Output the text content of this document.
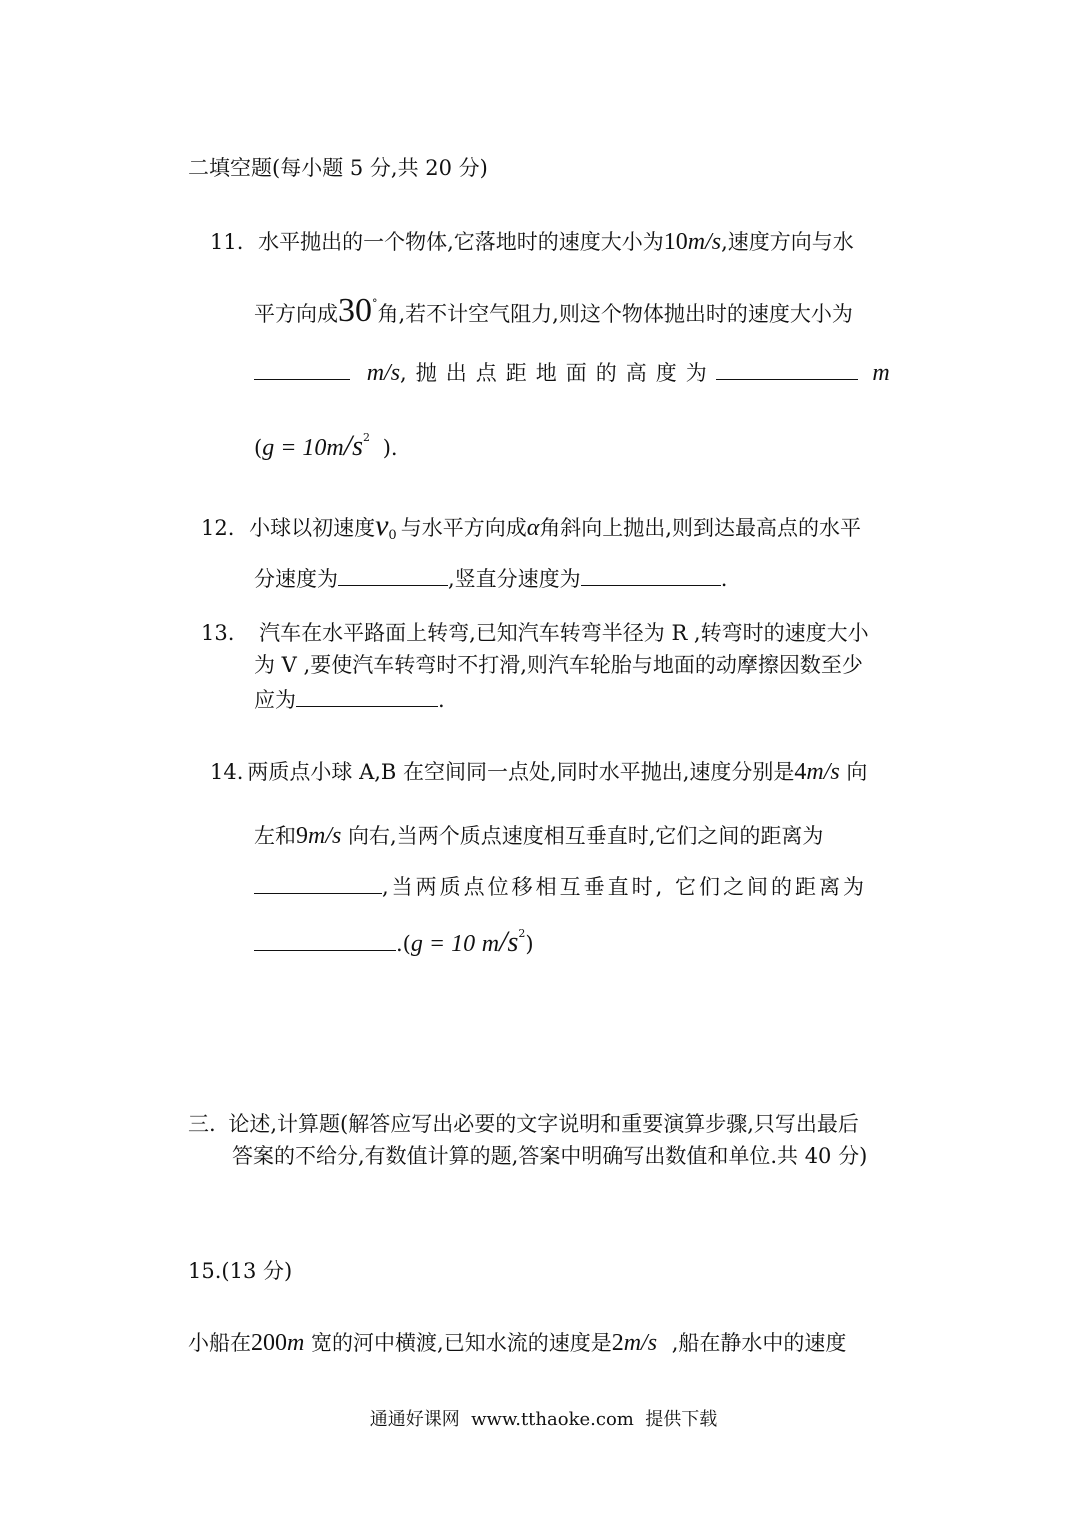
二填空题(每小题 5 分,共 20 分)
11. 水平抛出的一个物体,它落地时的速度大小为10m/s,速度方向与水
平方向成30°角,若不计空气阻力,则这个物体抛出时的速度大小为
m/s,抛出点距地面的高度为	m
($g = 10m/s^2$ ).
12. 小球以初速度$v_0$ 与水平方向成α角斜向上抛出,则到达最高点的水平
分速度为	,竖直分速度为	.
13. 汽车在水平路面上转弯,已知汽车转弯半径为 R ,转弯时的速度大小
为 V ,要使汽车转弯时不打滑,则汽车轮胎与地面的动摩擦因数至少
应为	.
14. 两质点小球 A,B 在空间同一点处,同时水平抛出,速度分别是4m/s 向
左和9m/s 向右,当两个质点速度相互垂直时,它们之间的距离为
,当两质点位移相互垂直时, 它们之间的距离为
.(g = 10 $m/s^2$)
三. 论述,计算题(解答应写出必要的文字说明和重要演算步骤,只写出最后
答案的不给分,有数值计算的题,答案中明确写出数值和单位.共 40 分)
15.(13 分)
小船在200m 宽的河中横渡,已知水流的速度是2m/s ,船在静水中的速度
通通好课网  www.tthaoke.com  提供下载
